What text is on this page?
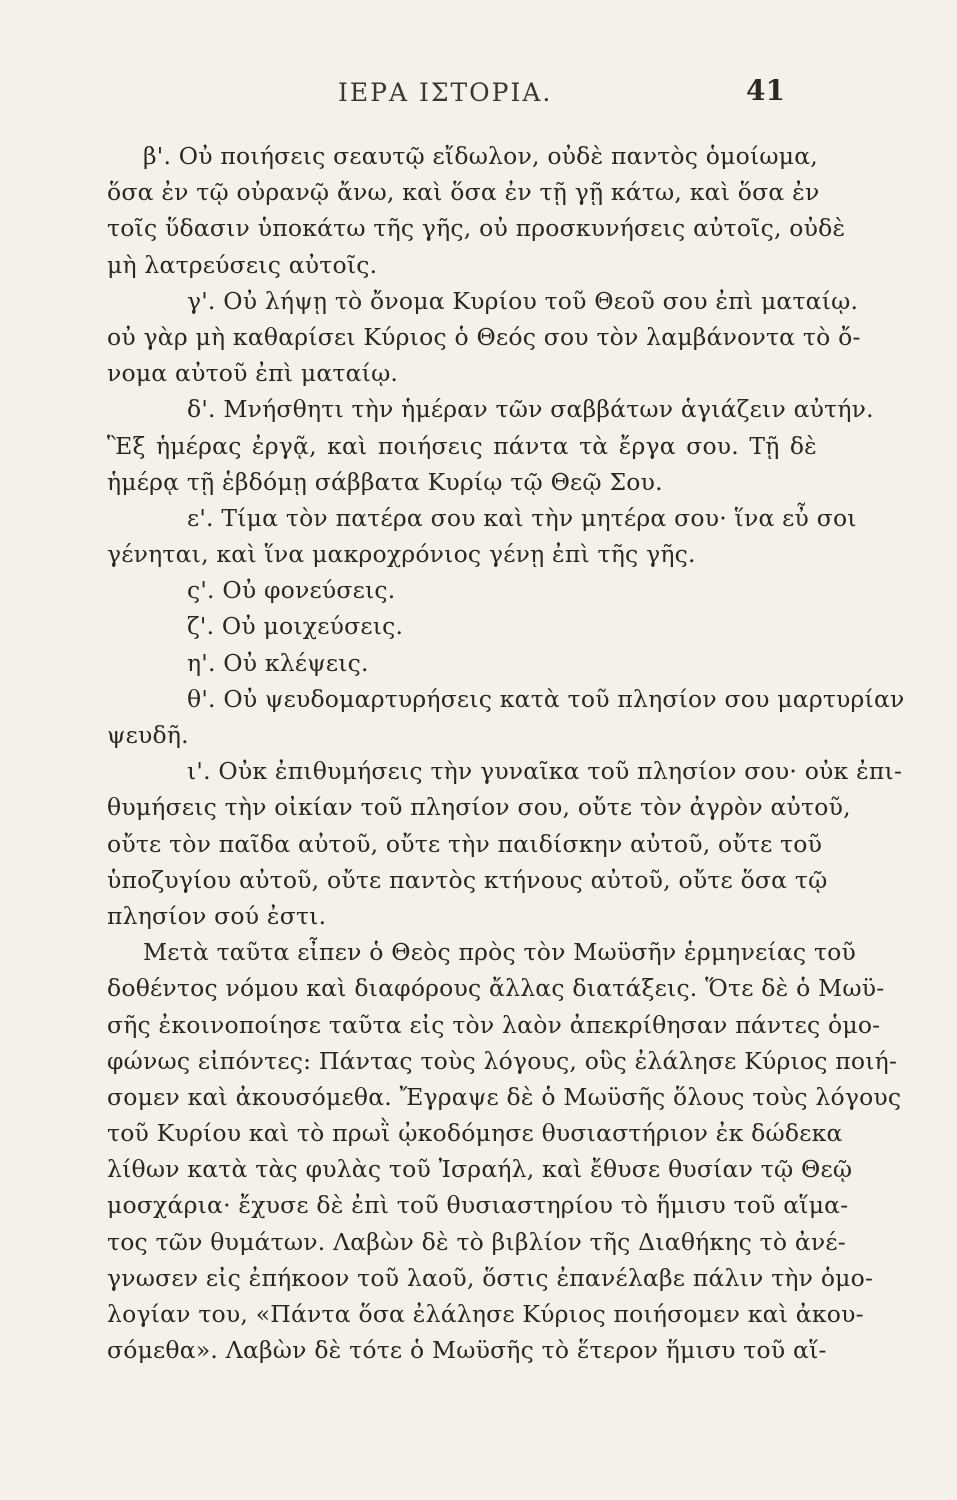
ΙΕΡΑ ΙΣΤΟΡΙΑ.	41
β'. Οὐ ποιήσεις σεαυτῷ εἴδωλον, οὐδὲ παντὸς ὁμοίωμα,
ὅσα ἐν τῷ οὐρανῷ ἄνω, καὶ ὅσα ἐν τῇ γῇ κάτω, καὶ ὅσα ἐν
τοῖς ὕδασιν ὑποκάτω τῆς γῆς, οὐ προσκυνήσεις αὐτοῖς, οὐδὲ
μὴ λατρεύσεις αὐτοῖς.
γ'. Οὐ λήψῃ τὸ ὄνομα Κυρίου τοῦ Θεοῦ σου ἐπὶ ματαίῳ.
οὐ γὰρ μὴ καθαρίσει Κύριος ὁ Θεός σου τὸν λαμβάνοντα τὸ ὄ-
νομα αὐτοῦ ἐπὶ ματαίῳ.
δ'. Μνήσθητι τὴν ἡμέραν τῶν σαββάτων ἁγιάζειν αὐτήν.
Ἓξ ἡμέρας ἐργᾷ, καὶ ποιήσεις πάντα τὰ ἔργα σου. Τῇ δὲ
ἡμέρᾳ τῇ ἑβδόμῃ σάββατα Κυρίῳ τῷ Θεῷ Σου.
ε'. Τίμα τὸν πατέρα σου καὶ τὴν μητέρα σου· ἵνα εὖ σοι
γένηται, καὶ ἵνα μακροχρόνιος γένῃ ἐπὶ τῆς γῆς.
ς'. Οὐ φονεύσεις.
ζ'. Οὐ μοιχεύσεις.
η'. Οὐ κλέψεις.
θ'. Οὐ ψευδομαρτυρήσεις κατὰ τοῦ πλησίον σου μαρτυρίαν
ψευδῆ.
ι'. Οὐκ ἐπιθυμήσεις τὴν γυναῖκα τοῦ πλησίον σου· οὐκ ἐπι-
θυμήσεις τὴν οἰκίαν τοῦ πλησίον σου, οὔτε τὸν ἀγρὸν αὐτοῦ,
οὔτε τὸν παῖδα αὐτοῦ, οὔτε τὴν παιδίσκην αὐτοῦ, οὔτε τοῦ
ὑποζυγίου αὐτοῦ, οὔτε παντὸς κτήνους αὐτοῦ, οὔτε ὅσα τῷ
πλησίον σού ἐστι.
Μετὰ ταῦτα εἶπεν ὁ Θεὸς πρὸς τὸν Μωϋσῆν ἑρμηνείας τοῦ
δοθέντος νόμου καὶ διαφόρους ἄλλας διατάξεις. Ὅτε δὲ ὁ Μωϋ-
σῆς ἐκοινοποίησε ταῦτα εἰς τὸν λαὸν ἀπεκρίθησαν πάντες ὁμο-
φώνως εἰπόντες: Πάντας τοὺς λόγους, οὓς ἐλάλησε Κύριος ποιή-
σομεν καὶ ἀκουσόμεθα. Ἔγραψε δὲ ὁ Μωϋσῆς ὅλους τοὺς λόγους
τοῦ Κυρίου καὶ τὸ πρωῒ ᾠκοδόμησε θυσιαστήριον ἐκ δώδεκα
λίθων κατὰ τὰς φυλὰς τοῦ Ἰσραήλ, καὶ ἔθυσε θυσίαν τῷ Θεῷ
μοσχάρια· ἔχυσε δὲ ἐπὶ τοῦ θυσιαστηρίου τὸ ἥμισυ τοῦ αἵμα-
τος τῶν θυμάτων. Λαβὼν δὲ τὸ βιβλίον τῆς Διαθήκης τὸ ἀνέ-
γνωσεν εἰς ἐπήκοον τοῦ λαοῦ, ὅστις ἐπανέλαβε πάλιν τὴν ὁμο-
λογίαν του, «Πάντα ὅσα ἐλάλησε Κύριος ποιήσομεν καὶ ἀκου-
σόμεθα». Λαβὼν δὲ τότε ὁ Μωϋσῆς τὸ ἕτερον ἥμισυ τοῦ αἵ-
